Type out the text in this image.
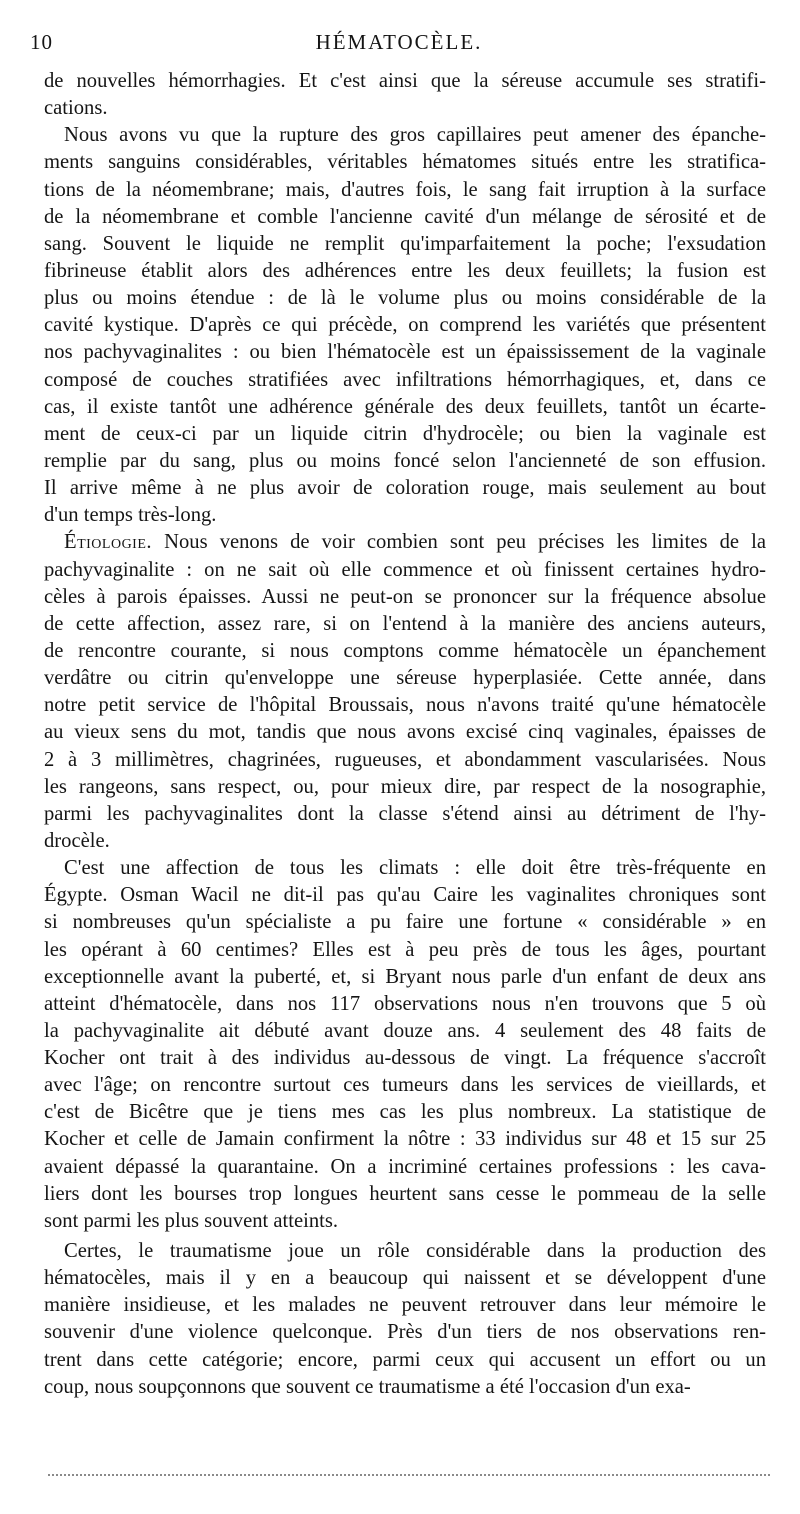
10	HÉMATOCÈLE.
de nouvelles hémorrhagies. Et c'est ainsi que la séreuse accumule ses stratifi-
cations.
Nous avons vu que la rupture des gros capillaires peut amener des épanche-
ments sanguins considérables, véritables hématomes situés entre les stratifica-
tions de la néomembrane; mais, d'autres fois, le sang fait irruption à la surface
de la néomembrane et comble l'ancienne cavité d'un mélange de sérosité et de
sang. Souvent le liquide ne remplit qu'imparfaitement la poche; l'exsudation
fibrineuse établit alors des adhérences entre les deux feuillets; la fusion est
plus ou moins étendue : de là le volume plus ou moins considérable de la
cavité kystique. D'après ce qui précède, on comprend les variétés que présentent
nos pachyvaginalites : ou bien l'hématocèle est un épaississement de la vaginale
composé de couches stratifiées avec infiltrations hémorrhagiques, et, dans ce
cas, il existe tantôt une adhérence générale des deux feuillets, tantôt un écarte-
ment de ceux-ci par un liquide citrin d'hydrocèle; ou bien la vaginale est
remplie par du sang, plus ou moins foncé selon l'ancienneté de son effusion.
Il arrive même à ne plus avoir de coloration rouge, mais seulement au bout
d'un temps très-long.
Étiologie. Nous venons de voir combien sont peu précises les limites de la
pachyvaginalite : on ne sait où elle commence et où finissent certaines hydro-
cèles à parois épaisses. Aussi ne peut-on se prononcer sur la fréquence absolue
de cette affection, assez rare, si on l'entend à la manière des anciens auteurs,
de rencontre courante, si nous comptons comme hématocèle un épanchement
verdâtre ou citrin qu'enveloppe une séreuse hyperplasiée. Cette année, dans
notre petit service de l'hôpital Broussais, nous n'avons traité qu'une hématocèle
au vieux sens du mot, tandis que nous avons excisé cinq vaginales, épaisses de
2 à 3 millimètres, chagrinées, rugueuses, et abondamment vascularisées. Nous
les rangeons, sans respect, ou, pour mieux dire, par respect de la nosographie,
parmi les pachyvaginalites dont la classe s'étend ainsi au détriment de l'hy-
drocèle.
C'est une affection de tous les climats : elle doit être très-fréquente en
Égypte. Osman Wacil ne dit-il pas qu'au Caire les vaginalites chroniques sont
si nombreuses qu'un spécialiste a pu faire une fortune « considérable » en
les opérant à 60 centimes? Elles est à peu près de tous les âges, pourtant
exceptionnelle avant la puberté, et, si Bryant nous parle d'un enfant de deux ans
atteint d'hématocèle, dans nos 117 observations nous n'en trouvons que 5 où
la pachyvaginalite ait débuté avant douze ans. 4 seulement des 48 faits de
Kocher ont trait à des individus au-dessous de vingt. La fréquence s'accroît
avec l'âge; on rencontre surtout ces tumeurs dans les services de vieillards, et
c'est de Bicêtre que je tiens mes cas les plus nombreux. La statistique de
Kocher et celle de Jamain confirment la nôtre : 33 individus sur 48 et 15 sur 25
avaient dépassé la quarantaine. On a incriminé certaines professions : les cava-
liers dont les bourses trop longues heurtent sans cesse le pommeau de la selle
sont parmi les plus souvent atteints.
Certes, le traumatisme joue un rôle considérable dans la production des
hématocèles, mais il y en a beaucoup qui naissent et se développent d'une
manière insidieuse, et les malades ne peuvent retrouver dans leur mémoire le
souvenir d'une violence quelconque. Près d'un tiers de nos observations ren-
trent dans cette catégorie; encore, parmi ceux qui accusent un effort ou un
coup, nous soupçonnons que souvent ce traumatisme a été l'occasion d'un exa-
